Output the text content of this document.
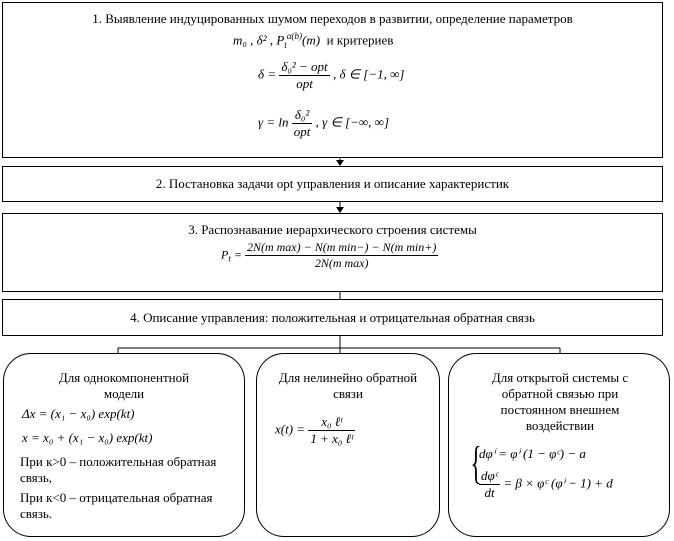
1. Выявление индуцированных шумом переходов в развитии, определение параметров
m₀ , δ² , $P_t^{\alpha(b)}(m)$ и критериев
$\delta = \frac{\text{δ₀² − opt}}{\text{opt}}$ , δ ∈ [−1, ∞]
$\gamma = \ln \frac{\text{δ₀²}}{\text{opt}}$ , γ ∈ [−∞, ∞]
2. Постановка задачи opt управления и описание характеристик
3. Распознавание иерархического строения системы
$P_t = \frac{\text{2N(m max) − N(m min−) − N(m min+)}}{\text{2N(m max)}}$
4. Описание управления: положительная и отрицательная обратная связь
Для однокомпонентной модели
Δx = (x₁ − x₀) exp(kt)
x = x₀ + (x₁ − x₀) exp(kt)
При к>0 – положительная обратная связь,
При к<0 – отрицательная обратная связь.
Для нелинейно обратной связи
$x(t) = \frac{\text{x₀ ℓᵗ}}{\text{1 + x₀ ℓᵗ}}$
Для открытой системы с обратной связью при постоянном внешнем воздействии
{
dφⁱ = φⁱ (1 − φᶜ) − a
$\frac{\text{dφᶜ}}{dt} = \beta$ × φᶜ (φⁱ − 1) + d
